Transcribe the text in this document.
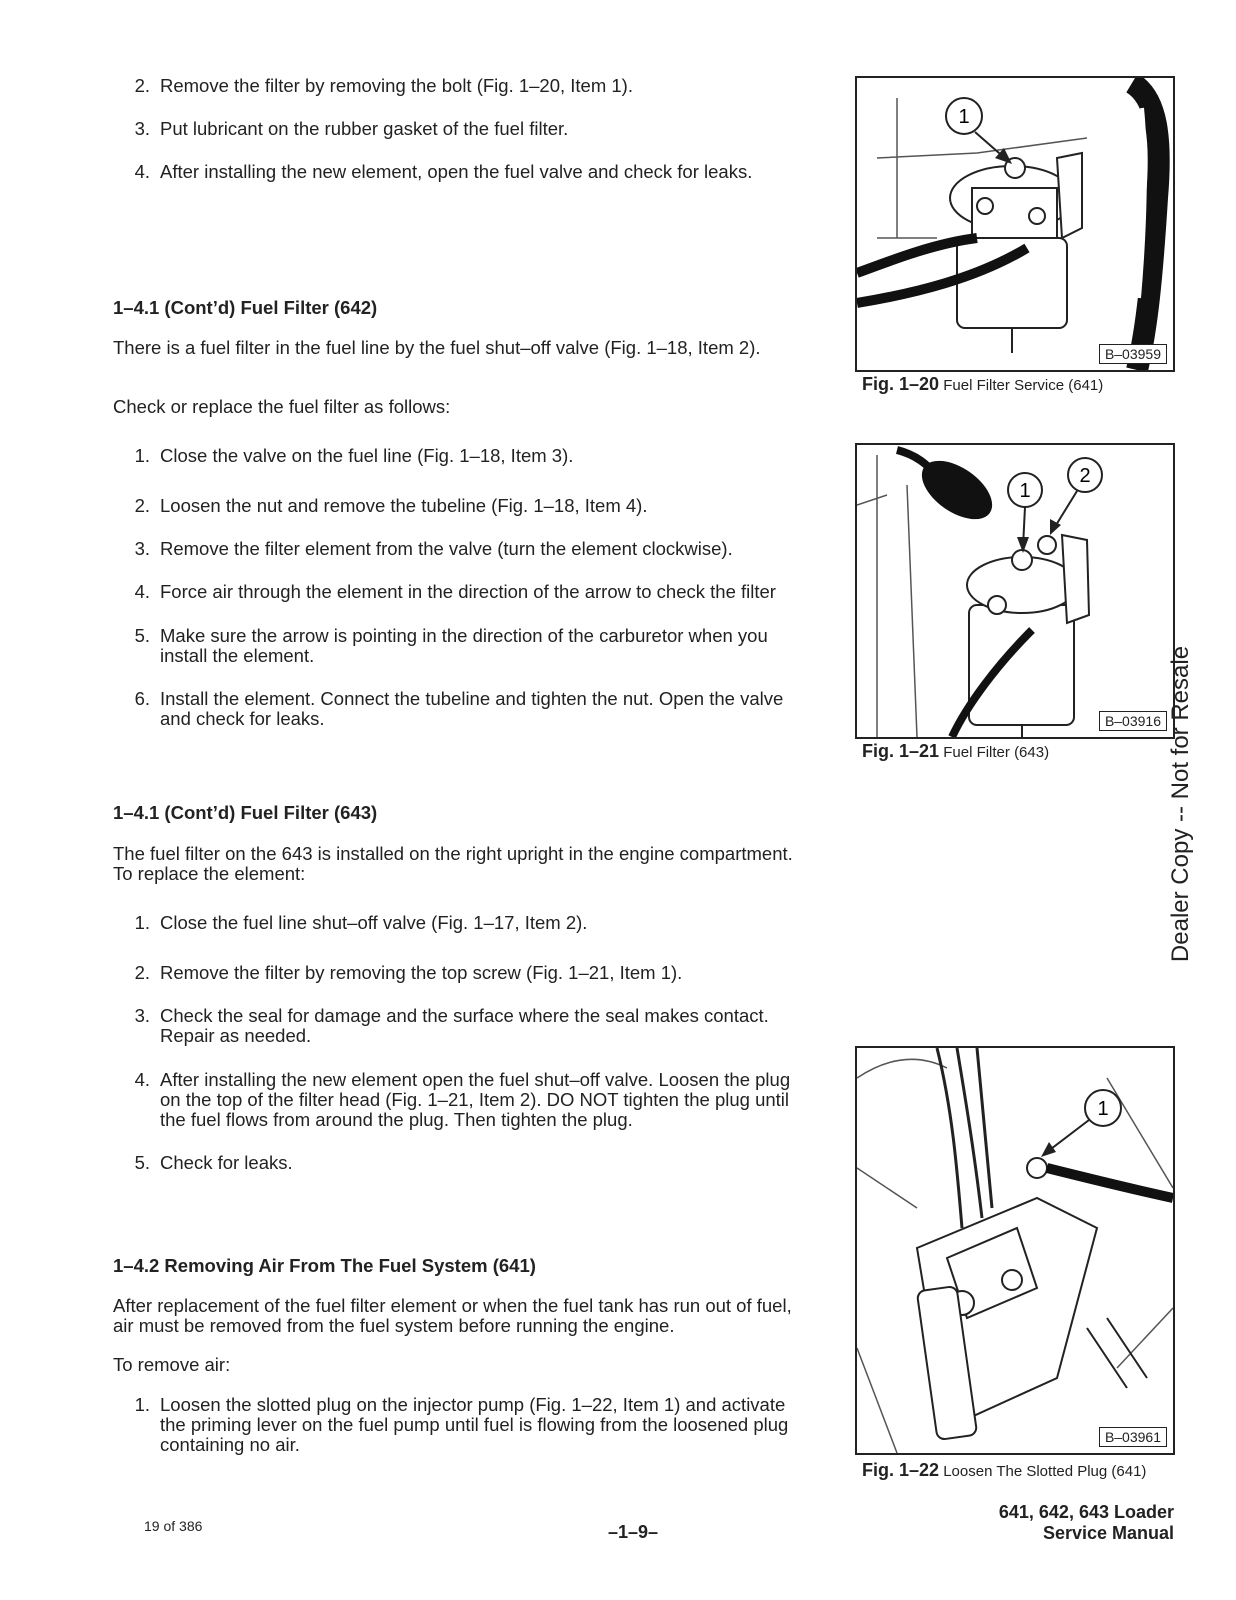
2. Remove the filter by removing the bolt (Fig. 1–20, Item 1).
3. Put lubricant on the rubber gasket of the fuel filter.
4. After installing the new element, open the fuel valve and check for leaks.
1–4.1 (Cont’d) Fuel Filter (642)
There is a fuel filter in the fuel line by the fuel shut–off valve (Fig. 1–18, Item 2).
Check or replace the fuel filter as follows:
1. Close the valve on the fuel line (Fig. 1–18, Item 3).
2. Loosen the nut and remove the tubeline (Fig. 1–18, Item 4).
3. Remove the filter element from the valve (turn the element clockwise).
4. Force air through the element in the direction of the arrow to check the filter
5. Make sure the arrow is pointing in the direction of the carburetor when you
install the element.
6. Install the element. Connect the tubeline and tighten the nut. Open the valve
and check for leaks.
1–4.1 (Cont’d) Fuel Filter (643)
The fuel filter on the 643 is installed on the right upright in the engine compartment.
To replace the element:
1. Close the fuel line shut–off valve (Fig. 1–17, Item 2).
2. Remove the filter by removing the top screw (Fig. 1–21, Item 1).
3. Check the seal for damage and the surface where the seal makes contact.
Repair as needed.
4. After installing the new element open the fuel shut–off valve. Loosen the plug
on the top of the filter head (Fig. 1–21, Item 2). DO NOT tighten the plug until
the fuel flows from around the plug. Then tighten the plug.
5. Check for leaks.
1–4.2 Removing Air From The Fuel System (641)
After replacement of the fuel filter element or when the fuel tank has run out of fuel,
air must be removed from the fuel system before running the engine.
To remove air:
1. Loosen the slotted plug on the injector pump (Fig. 1–22, Item 1) and activate
the priming lever on the fuel pump until fuel is flowing from the loosened plug
containing no air.
1
B–03959
Fig. 1–20 Fuel Filter Service (641)
1
2
B–03916
Fig. 1–21 Fuel Filter (643)
1
B–03961
Fig. 1–22 Loosen The Slotted Plug (641)
Dealer Copy -- Not for Resale
19 of 386	–1–9–
641, 642, 643 Loader
Service Manual
